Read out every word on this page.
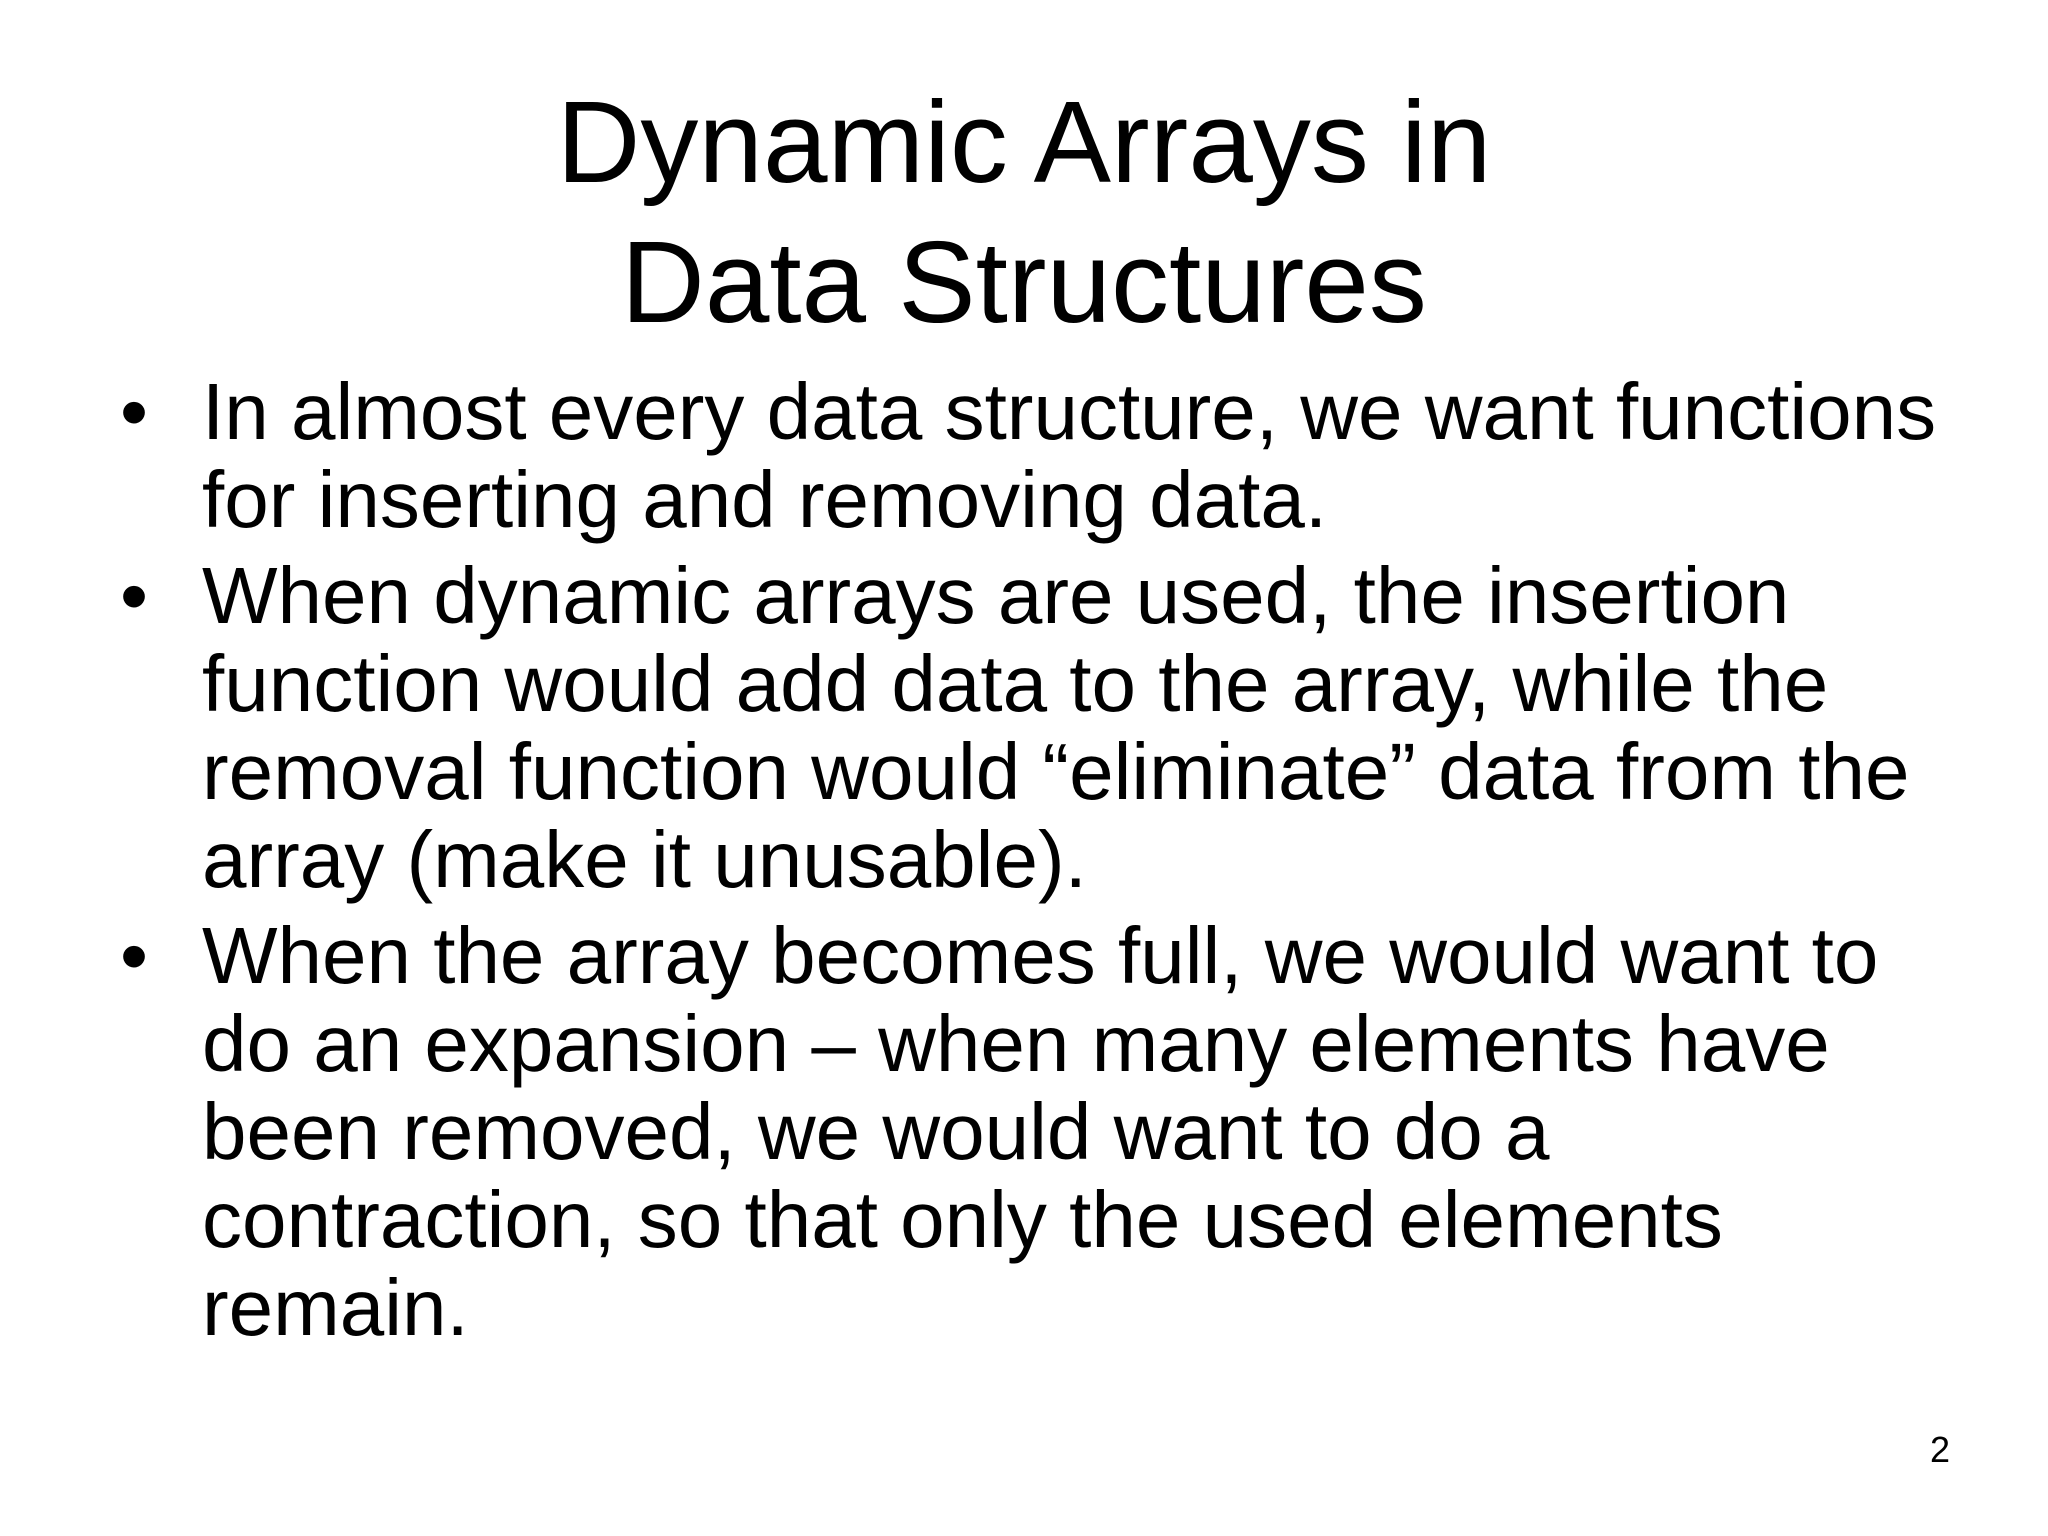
Dynamic Arrays in
Data Structures
• In almost every data structure, we want functions for inserting and removing data.
• When dynamic arrays are used, the insertion function would add data to the array, while the removal function would “eliminate” data from the array (make it unusable).
• When the array becomes full, we would want to do an expansion – when many elements have been removed, we would want to do a contraction, so that only the used elements remain.
2
